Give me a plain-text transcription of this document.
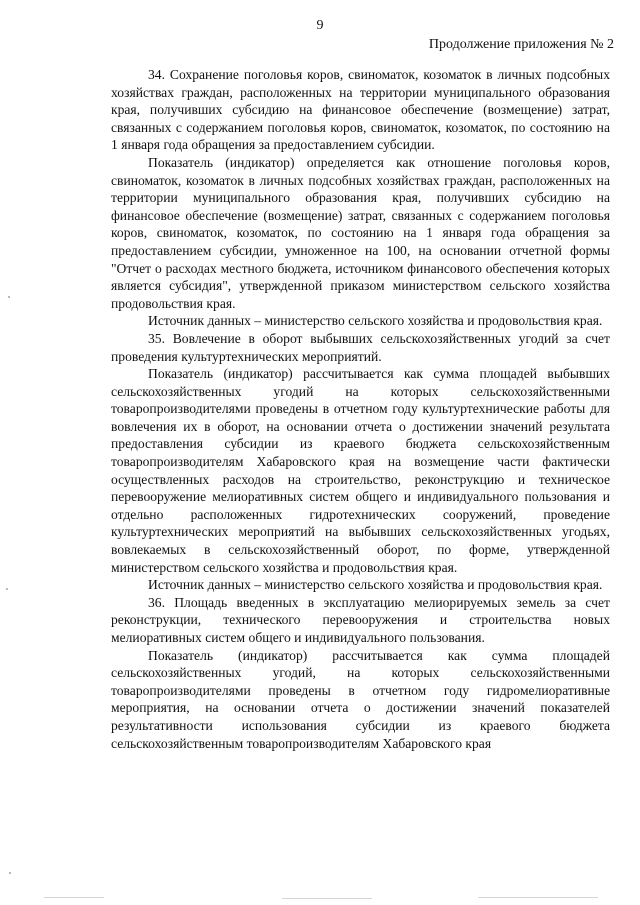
9
Продолжение приложения № 2

34. Сохранение поголовья коров, свиноматок, козоматок в личных подсобных хозяйствах граждан, расположенных на территории муниципального образования края, получивших субсидию на финансовое обеспечение (возмещение) затрат, связанных с содержанием поголовья коров, свиноматок, козоматок, по состоянию на 1 января года обращения за предоставлением субсидии.

Показатель (индикатор) определяется как отношение поголовья коров, свиноматок, козоматок в личных подсобных хозяйствах граждан, расположенных на территории муниципального образования края, получивших субсидию на финансовое обеспечение (возмещение) затрат, связанных с содержанием поголовья коров, свиноматок, козоматок, по состоянию на 1 января года обращения за предоставлением субсидии, умноженное на 100, на основании отчетной формы "Отчет о расходах местного бюджета, источником финансового обеспечения которых является субсидия", утвержденной приказом министерством сельского хозяйства продовольствия края.

Источник данных – министерство сельского хозяйства и продовольствия края.

35. Вовлечение в оборот выбывших сельскохозяйственных угодий за счет проведения культуртехнических мероприятий.

Показатель (индикатор) рассчитывается как сумма площадей выбывших сельскохозяйственных угодий на которых сельскохозяйственными товаропроизводителями проведены в отчетном году культуртехнические работы для вовлечения их в оборот, на основании отчета о достижении значений результата предоставления субсидии из краевого бюджета сельскохозяйственным товаропроизводителям Хабаровского края на возмещение части фактически осуществленных расходов на строительство, реконструкцию и техническое перевооружение мелиоративных систем общего и индивидуального пользования и отдельно расположенных гидротехнических сооружений, проведение культуртехнических мероприятий на выбывших сельскохозяйственных угодьях, вовлекаемых в сельскохозяйственный оборот, по форме, утвержденной министерством сельского хозяйства и продовольствия края.

Источник данных – министерство сельского хозяйства и продовольствия края.

36. Площадь введенных в эксплуатацию мелиорируемых земель за счет реконструкции, технического перевооружения и строительства новых мелиоративных систем общего и индивидуального пользования.

Показатель (индикатор) рассчитывается как сумма площадей сельскохозяйственных угодий, на которых сельскохозяйственными товаропроизводителями проведены в отчетном году гидромелиоративные мероприятия, на основании отчета о достижении значений показателей результативности использования субсидии из краевого бюджета сельскохозяйственным товаропроизводителям Хабаровского края
